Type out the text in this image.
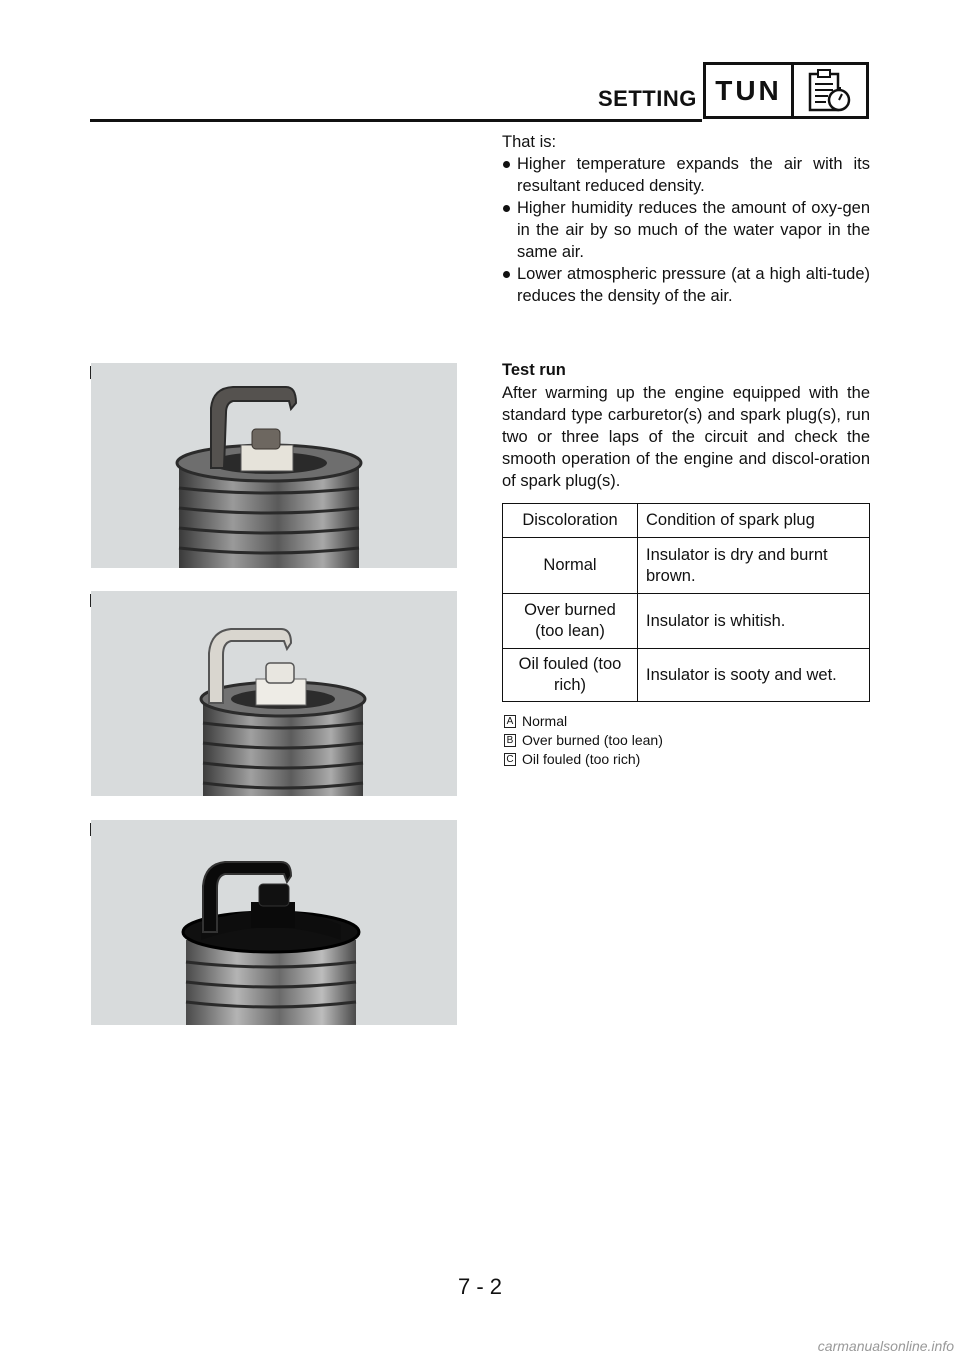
SETTING TUN

That is:

Higher temperature expands the air with its resultant reduced density.
Higher humidity reduces the amount of oxy-gen in the air by so much of the water vapor in the same air.
Lower atmospheric pressure (at a high alti-tude) reduces the density of the air.
Test run

After warming up the engine equipped with the standard type carburetor(s) and spark plug(s), run two or three laps of the circuit and check the smooth operation of the engine and discol-oration of spark plug(s).

Discoloration	Condition of spark plug
Normal	Insulator is dry and burnt brown.
Over burned (too lean)	Insulator is whitish.
Oil fouled (too rich)	Insulator is sooty and wet.
A Normal
B Over burned (too lean)
C Oil fouled (too rich)
7 - 2
carmanualsonline.info
